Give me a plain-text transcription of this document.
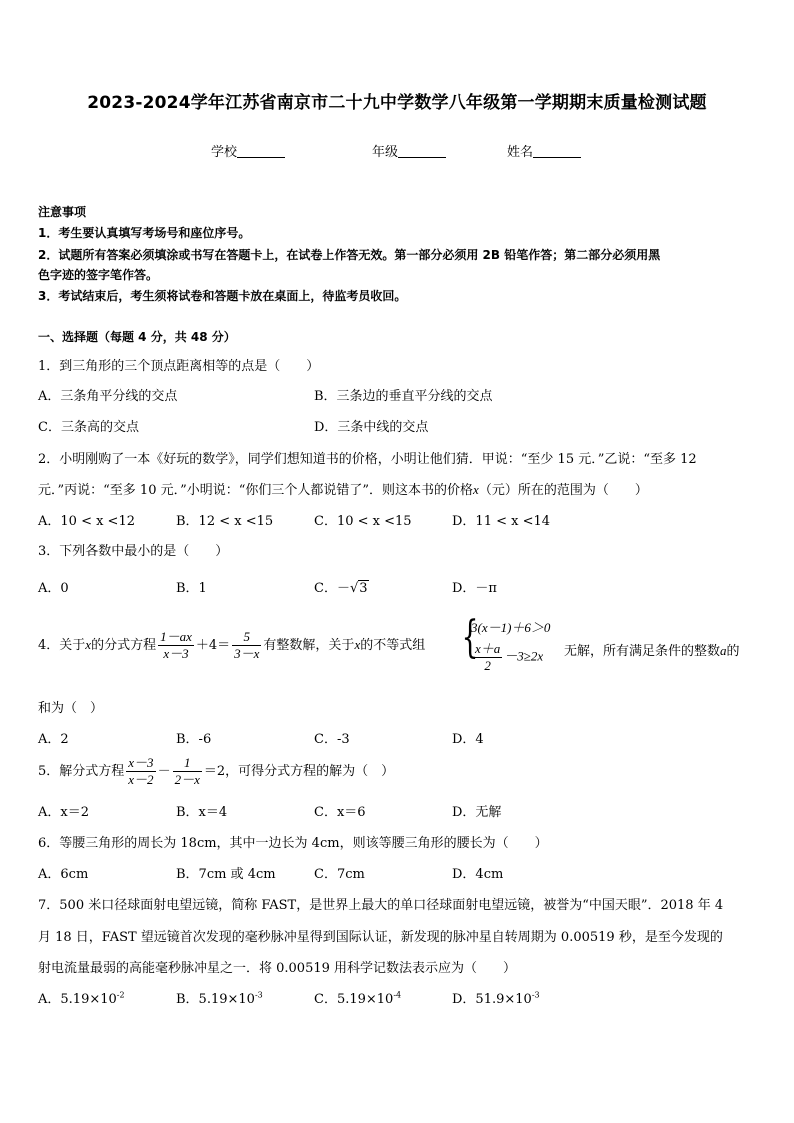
2023-2024学年江苏省南京市二十九中学数学八年级第一学期期末质量检测试题
学校	年级	姓名
注意事项
1．考生要认真填写考场号和座位序号。
2．试题所有答案必须填涂或书写在答题卡上，在试卷上作答无效。第一部分必须用 2B 铅笔作答；第二部分必须用黑
色字迹的签字笔作答。
3．考试结束后，考生须将试卷和答题卡放在桌面上，待监考员收回。
一、选择题（每题 4 分，共 48 分）
1．到三角形的三个顶点距离相等的点是（　　）
A．三条角平分线的交点	B．三条边的垂直平分线的交点
C．三条高的交点	D．三条中线的交点
2．小明刚购了一本《好玩的数学》，同学们想知道书的价格，小明让他们猜．甲说：“至少 15 元．”乙说：“至多 12
元．”丙说：“至多 10 元．”小明说：“你们三个人都说错了”．则这本书的价格x（元）所在的范围为（　　）
A．10 < x <12	B．12 < x <15	C．10 < x <15	D．11 < x <14
3．下列各数中最小的是（　　）
A．0	B．1	C．－√3	D．－π
4．关于x的分式方程 $\frac{1-ax}{x-3} +4= \frac{5}{3-x}$ 有整数解，关于x的不等式组 {
3(x－1)＋6＞0
$\frac{x+a}{2} -3\ge 2x$ 无解，所有满足条件的整数a的
和为（　）
A．2	B．-6	C．-3	D．4
5．解分式方程 $\frac{x-3}{x-2} - \frac{1}{2-x} =2$，可得分式方程的解为（　）
A．x＝2	B．x＝4	C．x＝6	D．无解
6．等腰三角形的周长为 18cm，其中一边长为 4cm，则该等腰三角形的腰长为（　　）
A．6cm	B．7cm 或 4cm	C．7cm	D．4cm
7．500 米口径球面射电望远镜，简称 FAST，是世界上最大的单口径球面射电望远镜，被誉为“中国天眼”．2018 年 4
月 18 日，FAST 望远镜首次发现的毫秒脉冲星得到国际认证，新发现的脉冲星自转周期为 0.00519 秒，是至今发现的
射电流量最弱的高能毫秒脉冲星之一．将 0.00519 用科学记数法表示应为（　　）
A．$5.19\times 10^{-2}$	B．$5.19\times 10^{-3}$	C．$5.19\times 10^{-4}$	D．$51.9\times 10^{-3}$
